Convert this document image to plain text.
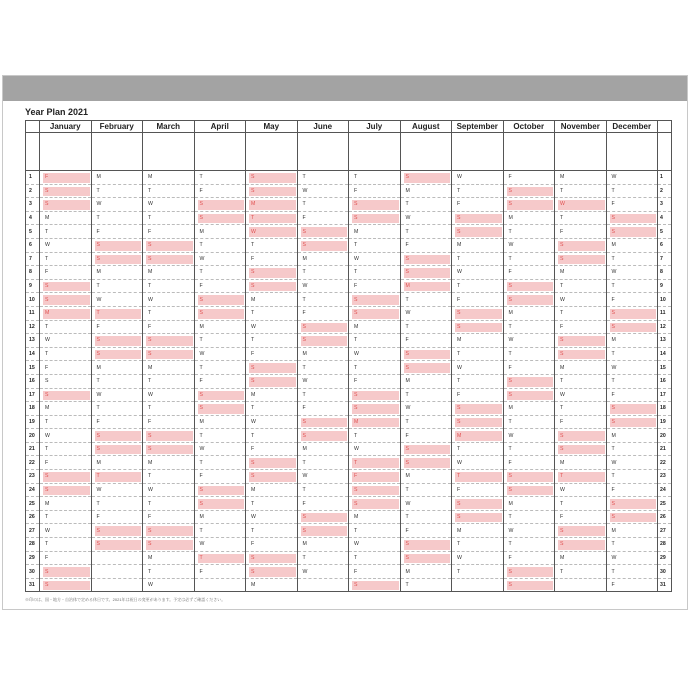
Year Plan 2021
	January	February	March	April	May	June	July	August	September	October	November	December	

1	F	M	M	T	S	T	T	S	W	F	M	W	1
2	S	T	T	F	S	W	F	M	T	S	T	T	2
3	S	W	W	S	M	T	S	T	F	S	W	F	3
4	M	T	T	S	T	F	S	W	S	M	T	S	4
5	T	F	F	M	W	S	M	T	S	T	F	S	5
6	W	S	S	T	T	S	T	F	M	W	S	M	6
7	T	S	S	W	F	M	W	S	T	T	S	T	7
8	F	M	M	T	S	T	T	S	W	F	M	W	8
9	S	T	T	F	S	W	F	M	T	S	T	T	9
10	S	W	W	S	M	T	S	T	F	S	W	F	10
11	M	T	T	S	T	F	S	W	S	M	T	S	11
12	T	F	F	M	W	S	M	T	S	T	F	S	12
13	W	S	S	T	T	S	T	F	M	W	S	M	13
14	T	S	S	W	F	M	W	S	T	T	S	T	14
15	F	M	M	T	S	T	T	S	W	F	M	W	15
16	S	T	T	F	S	W	F	M	T	S	T	T	16
17	S	W	W	S	M	T	S	T	F	S	W	F	17
18	M	T	T	S	T	F	S	W	S	M	T	S	18
19	T	F	F	M	W	S	M	T	S	T	F	S	19
20	W	S	S	T	T	S	T	F	M	W	S	M	20
21	T	S	S	W	F	M	W	S	T	T	S	T	21
22	F	M	M	T	S	T	T	S	W	F	M	W	22
23	S	T	T	F	S	W	F	M	T	S	T	T	23
24	S	W	W	S	M	T	S	T	F	S	W	F	24
25	M	T	T	S	T	F	S	W	S	M	T	S	25
26	T	F	F	M	W	S	M	T	S	T	F	S	26
27	W	S	S	T	T	S	T	F	M	W	S	M	27
28	T	S	S	W	F	M	W	S	T	T	S	T	28
29	F		M	T	S	T	T	S	W	F	M	W	29
30	S		T	F	S	W	F	M	T	S	T	T	30
31	S		W		M		S	T		S		F	31
※印のは、国・地方・自治体で定める休日です。2021年は祝日の変更があります。予定は必ずご確認ください。
